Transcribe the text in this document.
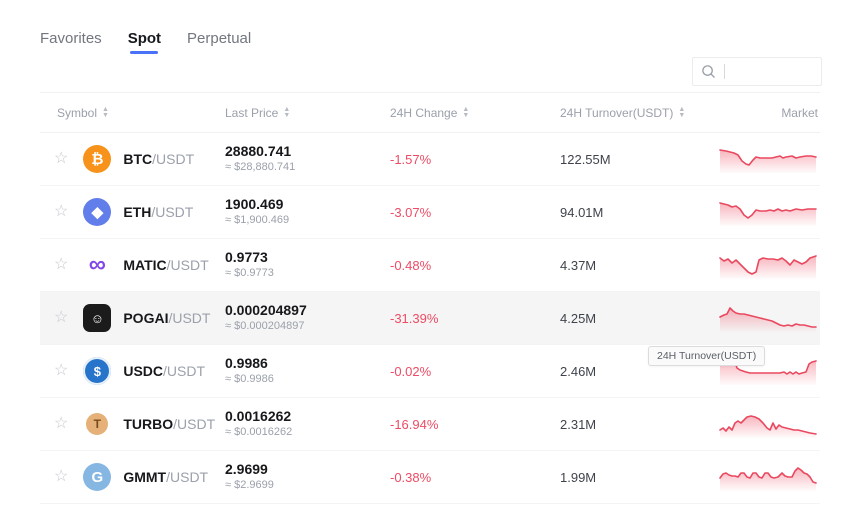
Favorites Spot Perpetual
Symbol ▲
▼	Last Price ▲
▼	24H Change ▲
▼	24H Turnover(USDT) ▲
▼	Market
☆	₿	BTC/USDT 28880.741
≈ $28,880.741
-1.57%	122.55M
☆	◆	ETH/USDT 1900.469
≈ $1,900.469
-3.07%	94.01M
☆ ∞	MATIC/USDT 0.9773
≈ $0.9773
-0.48%	4.37M
☆	☺	POGAI/USDT 0.000204897
≈ $0.000204897
-31.39%	4.25M
☆	$	USDC/USDT 0.9986
≈ $0.9986
-0.02%	2.46M
☆	T	TURBO/USDT 0.0016262
≈ $0.0016262
-16.94%	2.31M
☆	G	GMMT/USDT 2.9699
≈ $2.9699
-0.38%	1.99M
24H Turnover(USDT)
